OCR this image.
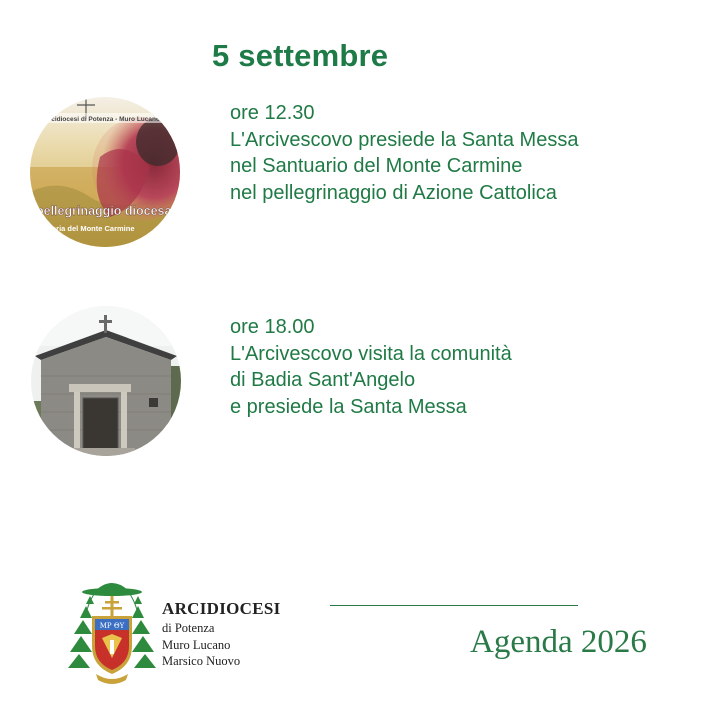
5 settembre
Arcidiocesi di Potenza - Muro Lucano - M
pellegrinaggio diocesa
aria del Monte Carmine
ore 12.30
L'Arcivescovo presiede la Santa Messa
nel Santuario del Monte Carmine
nel pellegrinaggio di Azione Cattolica
ore 18.00
L'Arcivescovo visita la comunità
di Badia Sant'Angelo
e presiede la Santa Messa
ΜΡ ΘΥ
ARCIDIOCESI
di Potenza
Muro Lucano
Marsico Nuovo
Agenda 2026
